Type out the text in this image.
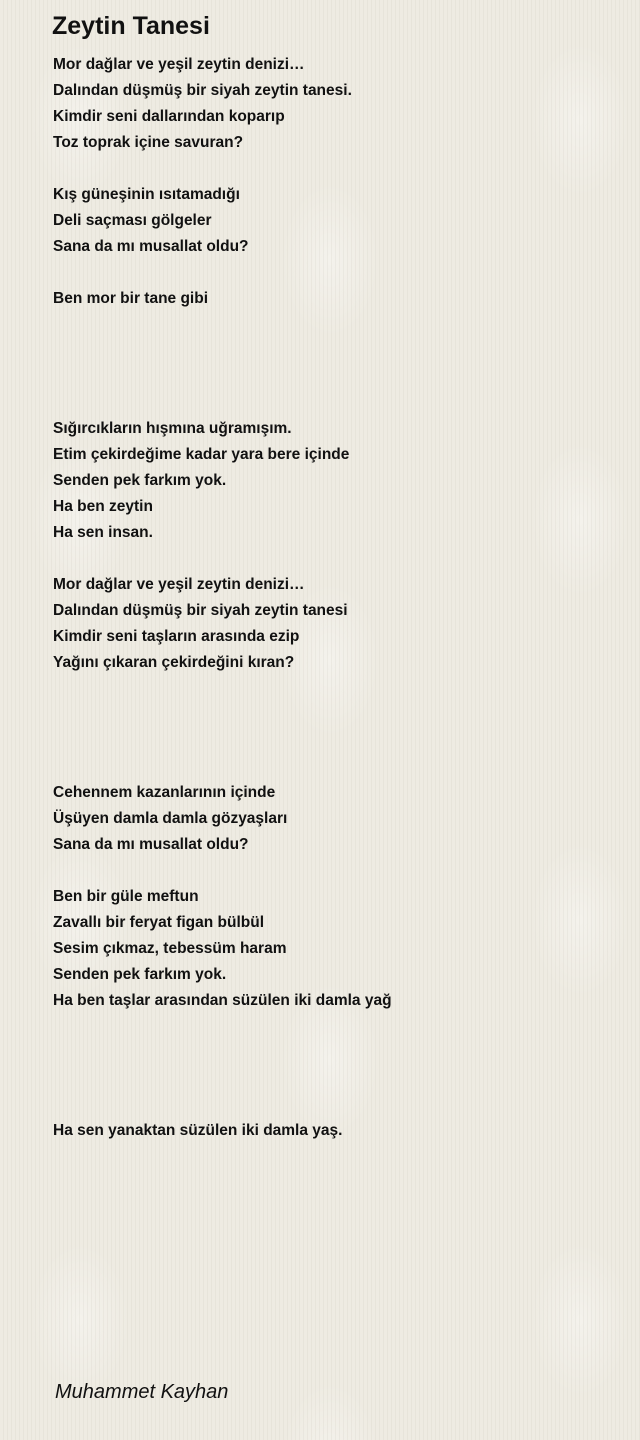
Zeytin Tanesi
Mor dağlar ve yeşil zeytin denizi…
Dalından düşmüş bir siyah zeytin tanesi.
Kimdir seni dallarından koparıp
Toz toprak içine savuran?
Kış güneşinin ısıtamadığı
Deli saçması gölgeler
Sana da mı musallat oldu?
Ben mor bir tane gibi
Sığırcıkların hışmına uğramışım.
Etim çekirdeğime kadar yara bere içinde
Senden pek farkım yok.
Ha ben zeytin
Ha sen insan.
Mor dağlar ve yeşil zeytin denizi…
Dalından düşmüş bir siyah zeytin tanesi
Kimdir seni taşların arasında ezip
Yağını çıkaran çekirdeğini kıran?
Cehennem kazanlarının içinde
Üşüyen damla damla gözyaşları
Sana da mı musallat oldu?
Ben bir güle meftun
Zavallı bir feryat figan bülbül
Sesim çıkmaz, tebessüm haram
Senden pek farkım yok.
Ha ben taşlar arasından süzülen iki damla yağ
Ha sen yanaktan süzülen iki damla yaş.
Muhammet Kayhan
